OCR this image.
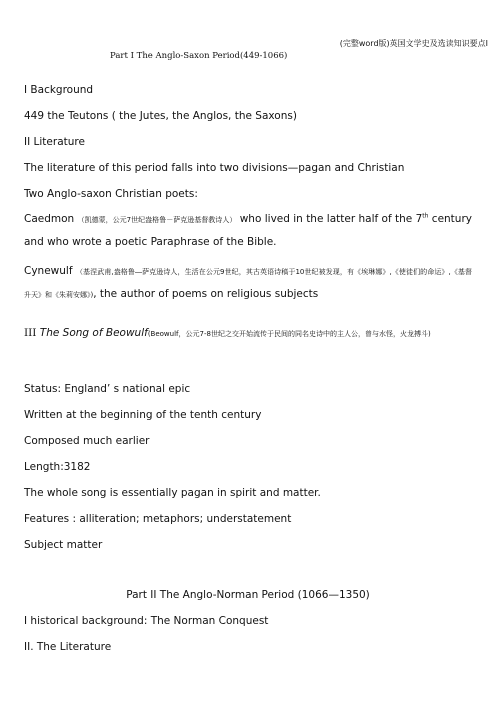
(完整word版)英国文学史及选读知识要点I
Part I The Anglo-Saxon Period(449-1066)
I Background
449 the Teutons ( the Jutes, the Anglos, the Saxons)
II Literature
The literature of this period falls into two divisions—pagan and Christian
Two Anglo-saxon Christian poets:
Caedmon （凯德蒙，公元7世纪盎格鲁－萨克逊基督教诗人） who lived in the latter half of the 7th century and who wrote a poetic Paraphrase of the Bible.
Cynewulf （基涅武甫,盎格鲁―萨克逊诗人，生活在公元9世纪，其古英语诗稿于10世纪被发现，有《埃琳娜》,《使徒们的命运》,《基督升天》和《朱莉安娜》), the author of poems on religious subjects
III The Song of Beowulf(Beowulf，公元7-8世纪之交开始流传于民间的同名史诗中的主人公，曾与水怪，火龙搏斗)
Status: England’ s national epic
Written at the beginning of the tenth century
Composed much earlier
Length:3182
The whole song is essentially pagan in spirit and matter.
Features : alliteration; metaphors; understatement
Subject matter
Part II The Anglo-Norman Period (1066—1350)
I historical background: The Norman Conquest
II. The Literature
